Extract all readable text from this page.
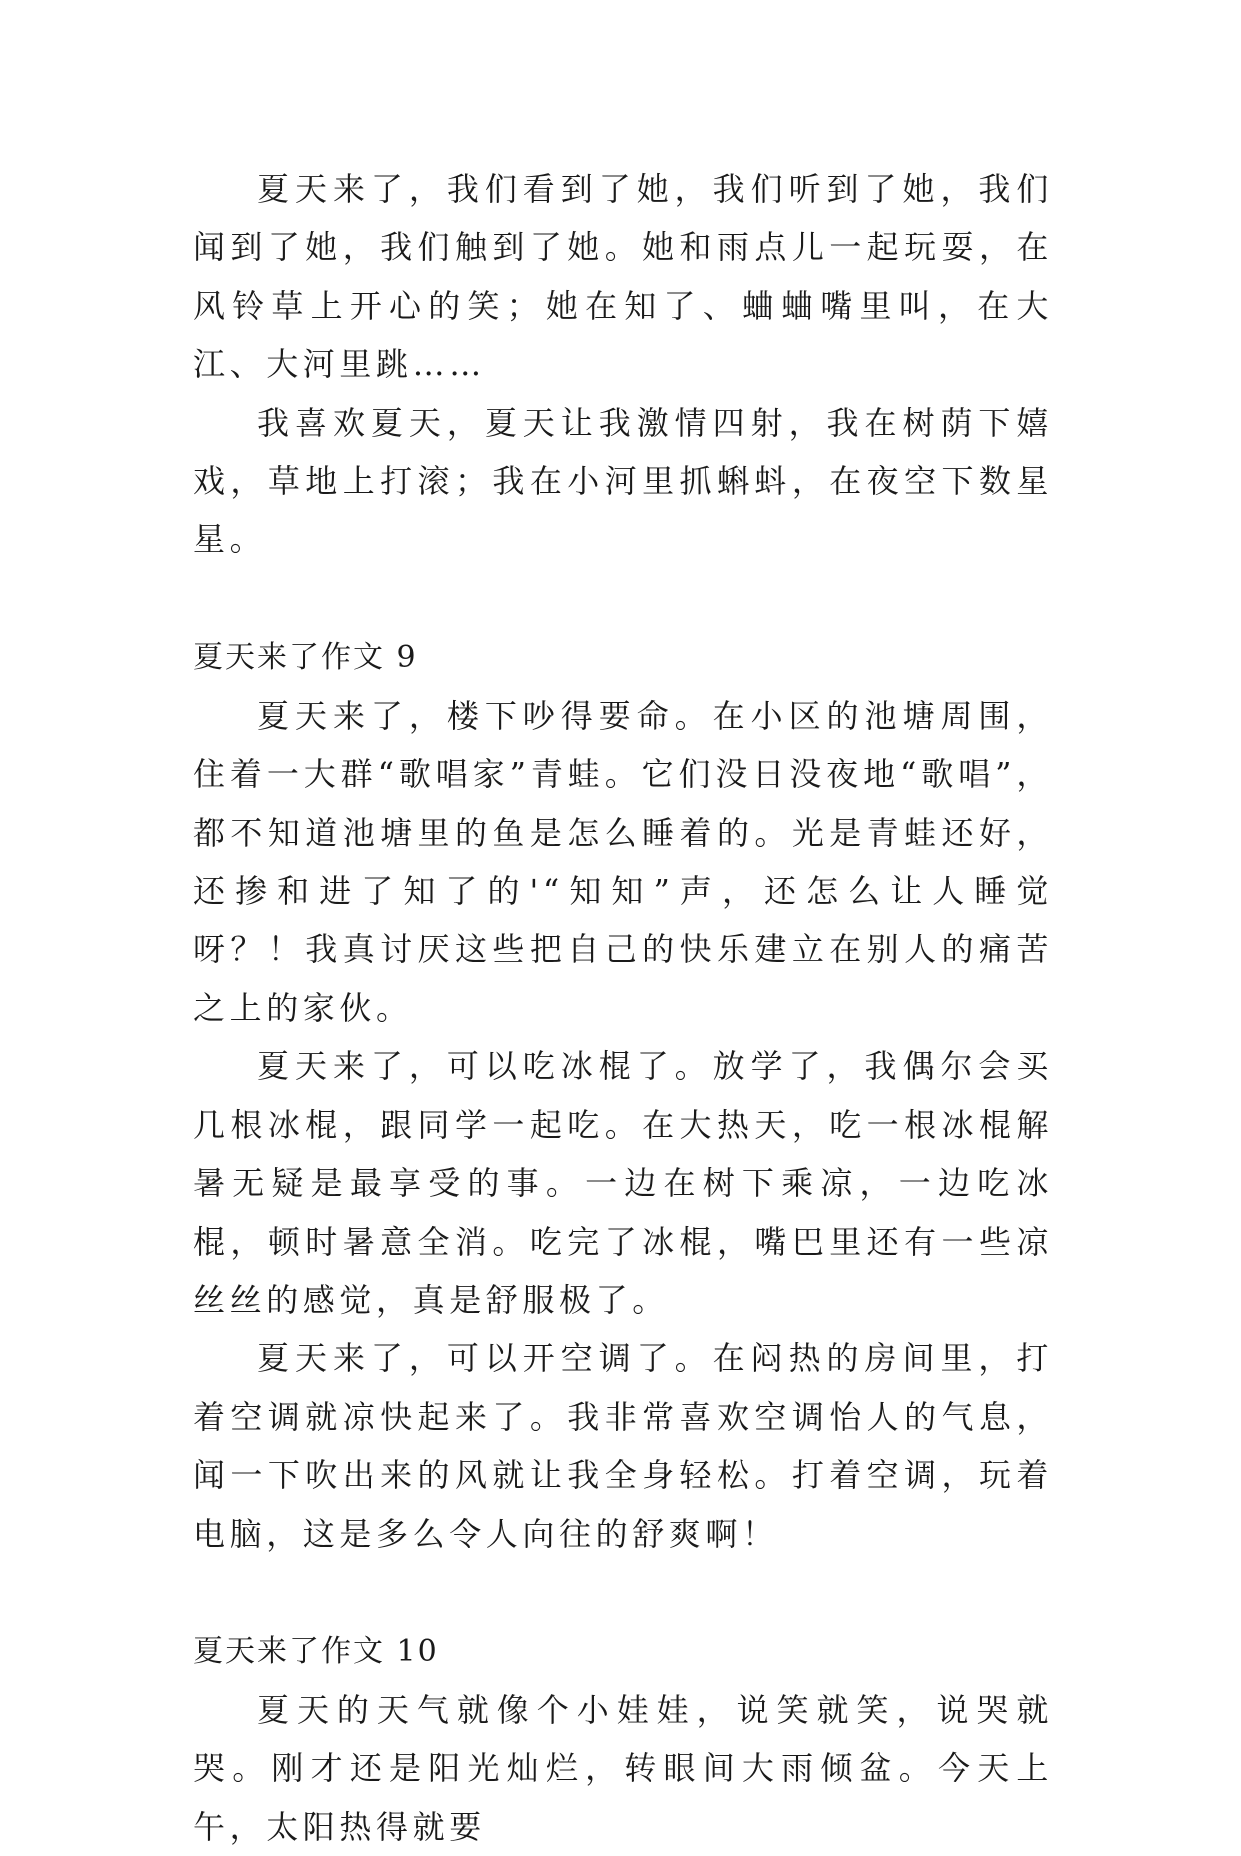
夏天来了，我们看到了她，我们听到了她，我们闻到了她，我们触到了她。她和雨点儿一起玩耍，在风铃草上开心的笑；她在知了、蛐蛐嘴里叫，在大江、大河里跳……

我喜欢夏天，夏天让我激情四射，我在树荫下嬉戏，草地上打滚；我在小河里抓蝌蚪，在夜空下数星星。

夏天来了作文 9

夏天来了，楼下吵得要命。在小区的池塘周围，住着一大群“歌唱家”青蛙。它们没日没夜地“歌唱”，都不知道池塘里的鱼是怎么睡着的。光是青蛙还好，还掺和进了知了的'“知知”声，还怎么让人睡觉呀？！我真讨厌这些把自己的快乐建立在别人的痛苦之上的家伙。

夏天来了，可以吃冰棍了。放学了，我偶尔会买几根冰棍，跟同学一起吃。在大热天，吃一根冰棍解暑无疑是最享受的事。一边在树下乘凉，一边吃冰棍，顿时暑意全消。吃完了冰棍，嘴巴里还有一些凉丝丝的感觉，真是舒服极了。

夏天来了，可以开空调了。在闷热的房间里，打着空调就凉快起来了。我非常喜欢空调怡人的气息，闻一下吹出来的风就让我全身轻松。打着空调，玩着电脑，这是多么令人向往的舒爽啊！

夏天来了作文 10

夏天的天气就像个小娃娃，说笑就笑，说哭就哭。刚才还是阳光灿烂，转眼间大雨倾盆。今天上午，太阳热得就要
